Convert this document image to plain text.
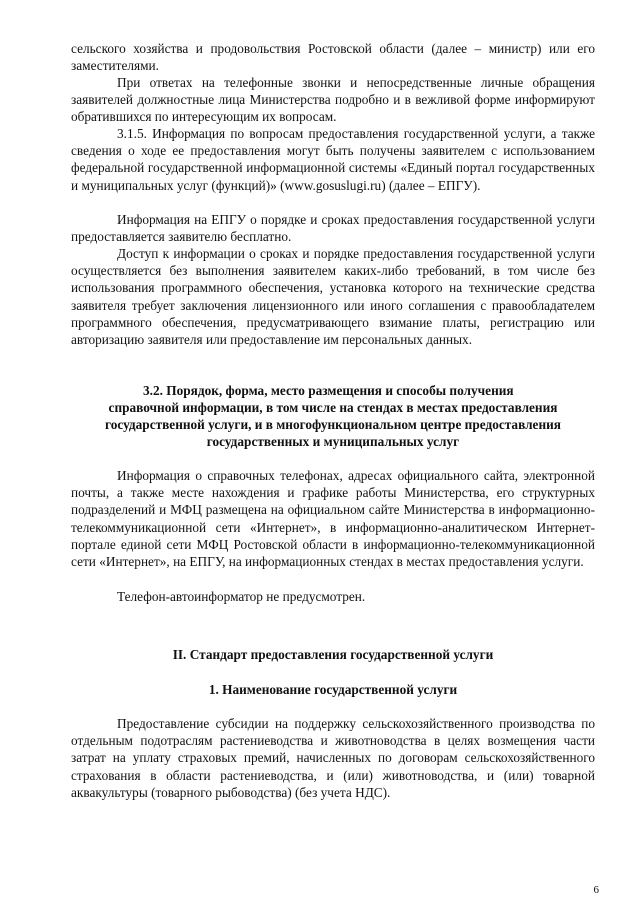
сельского хозяйства и продовольствия Ростовской области (далее – министр) или его заместителями.

При ответах на телефонные звонки и непосредственные личные обращения заявителей должностные лица Министерства подробно и в вежливой форме информируют обратившихся по интересующим их вопросам.

3.1.5. Информация по вопросам предоставления государственной услуги, а также сведения о ходе ее предоставления могут быть получены заявителем с использованием федеральной государственной информационной системы «Единый портал государственных и муниципальных услуг (функций)» (www.gosuslugi.ru) (далее – ЕПГУ).

Информация на ЕПГУ о порядке и сроках предоставления государственной услуги предоставляется заявителю бесплатно.

Доступ к информации о сроках и порядке предоставления государственной услуги осуществляется без выполнения заявителем каких-либо требований, в том числе без использования программного обеспечения, установка которого на технические средства заявителя требует заключения лицензионного или иного соглашения с правообладателем программного обеспечения, предусматривающего взимание платы, регистрацию или авторизацию заявителя или предоставление им персональных данных.

3.2. Порядок, форма, место размещения и способы получения

справочной информации, в том числе на стендах в местах предоставления

государственной услуги, и в многофункциональном центре предоставления

государственных и муниципальных услуг

Информация о справочных телефонах, адресах официального сайта, электронной почты, а также месте нахождения и графике работы Министерства, его структурных подразделений и МФЦ размещена на официальном сайте Министерства в информационно-телекоммуникационной сети «Интернет», в информационно-аналитическом Интернет-портале единой сети МФЦ Ростовской области в информационно-телекоммуникационной сети «Интернет», на ЕПГУ, на информационных стендах в местах предоставления услуги.

Телефон-автоинформатор не предусмотрен.

II. Стандарт предоставления государственной услуги

1. Наименование государственной услуги

Предоставление субсидии на поддержку сельскохозяйственного производства по отдельным подотраслям растениеводства и животноводства в целях возмещения части затрат на уплату страховых премий, начисленных по договорам сельскохозяйственного страхования в области растениеводства, и (или) животноводства, и (или) товарной аквакультуры (товарного рыбоводства) (без учета НДС).

6
